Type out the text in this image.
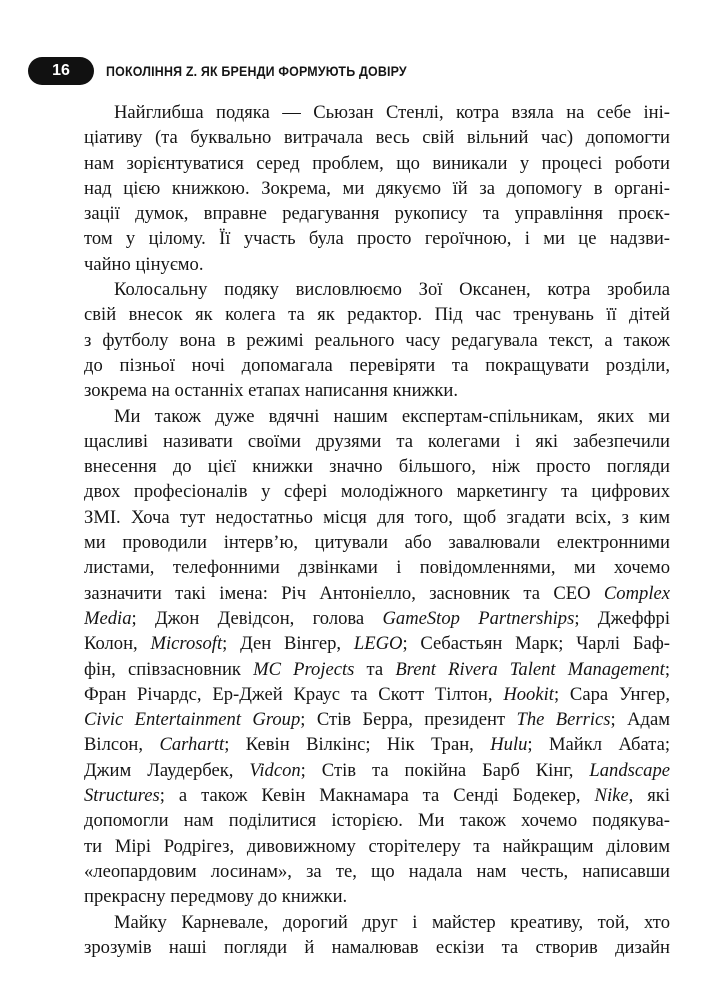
16	ПОКОЛІННЯ Z. ЯК БРЕНДИ ФОРМУЮТЬ ДОВІРУ
Найглибша подяка — Сьюзан Стенлі, котра взяла на себе іні-
ціативу (та буквально витрачала весь свій вільний час) допомогти
нам зорієнтуватися серед проблем, що виникали у процесі роботи
над цією книжкою. Зокрема, ми дякуємо їй за допомогу в органі-
зації думок, вправне редагування рукопису та управління проєк-
том у цілому. Її участь була просто героїчною, і ми це надзви-
чайно цінуємо.
Колосальну подяку висловлюємо Зої Оксанен, котра зробила
свій внесок як колега та як редактор. Під час тренувань її дітей
з футболу вона в режимі реального часу редагувала текст, а також
до пізньої ночі допомагала перевіряти та покращувати розділи,
зокрема на останніх етапах написання книжки.
Ми також дуже вдячні нашим експертам-спільникам, яких ми
щасливі називати своїми друзями та колегами і які забезпечили
внесення до цієї книжки значно більшого, ніж просто погляди
двох професіоналів у сфері молодіжного маркетингу та цифрових
ЗМІ. Хоча тут недостатньо місця для того, щоб згадати всіх, з ким
ми проводили інтерв’ю, цитували або завалювали електронними
листами, телефонними дзвінками і повідомленнями, ми хочемо
зазначити такі імена: Річ Антоніелло, засновник та CEO Complex
Media; Джон Девідсон, голова GameStop Partnerships; Джеффрі
Колон, Microsoft; Ден Вінгер, LEGO; Себастьян Марк; Чарлі Баф-
фін, співзасновник MC Projects та Brent Rivera Talent Management;
Фран Річардс, Ер-Джей Краус та Скотт Тілтон, Hookit; Сара Унгер,
Civic Entertainment Group; Стів Берра, президент The Berrics; Адам
Вілсон, Carhartt; Кевін Вілкінс; Нік Тран, Hulu; Майкл Абата;
Джим Лаудербек, Vidcon; Стів та покійна Барб Кінг, Landscape
Structures; а також Кевін Макнамара та Сенді Бодекер, Nike, які
допомогли нам поділитися історією. Ми також хочемо подякува-
ти Мірі Родрігез, дивовижному сторітелеру та найкращим діловим
«леопардовим лосинам», за те, що надала нам честь, написавши
прекрасну передмову до книжки.
Майку Карневале, дорогий друг і майстер креативу, той, хто
зрозумів наші погляди й намалював ескізи та створив дизайн
